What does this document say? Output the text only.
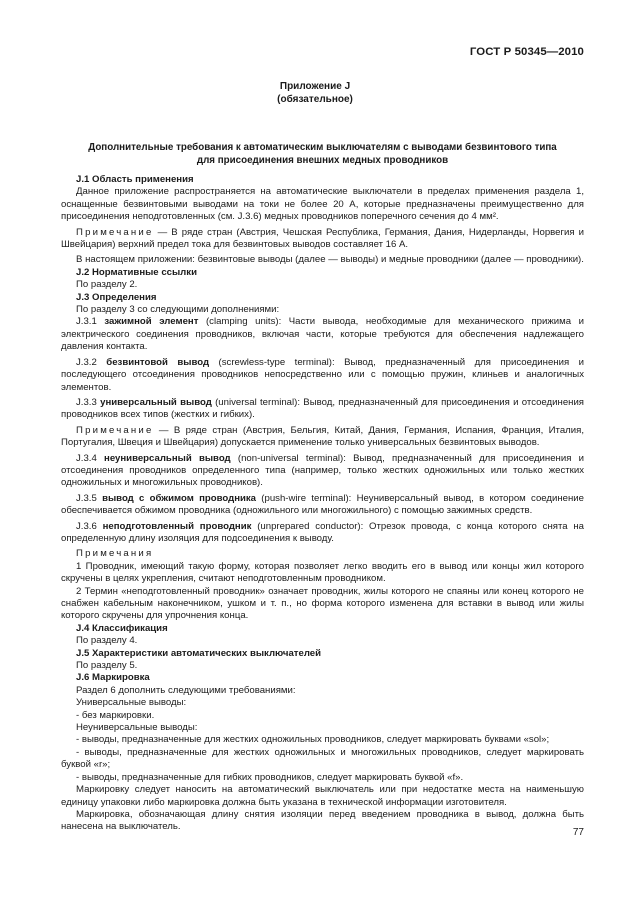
ГОСТ Р 50345—2010
Приложение J
(обязательное)
Дополнительные требования к автоматическим выключателям с выводами безвинтового типа
для присоединения внешних медных проводников

J.1 Область применения

Данное приложение распространяется на автоматические выключатели в пределах применения раздела 1, оснащенные безвинтовыми выводами на токи не более 20 А, которые предназначены преимущественно для присоединения неподготовленных (см. J.3.6) медных проводников поперечного сечения до 4 мм².

Примечание — В ряде стран (Австрия, Чешская Республика, Германия, Дания, Нидерланды, Норвегия и Швейцария) верхний предел тока для безвинтовых выводов составляет 16 А.

В настоящем приложении: безвинтовые выводы (далее — выводы) и медные проводники (далее — проводники).

J.2 Нормативные ссылки

По разделу 2.

J.3 Определения

По разделу 3 со следующими дополнениями:

J.3.1 зажимной элемент (clamping units): Части вывода, необходимые для механического прижима и электрического соединения проводников, включая части, которые требуются для обеспечения надлежащего давления контакта.

J.3.2 безвинтовой вывод (screwless-type terminal): Вывод, предназначенный для присоединения и последующего отсоединения проводников непосредственно или с помощью пружин, клиньев и аналогичных элементов.

J.3.3 универсальный вывод (universal terminal): Вывод, предназначенный для присоединения и отсоединения проводников всех типов (жестких и гибких).

Примечание — В ряде стран (Австрия, Бельгия, Китай, Дания, Германия, Испания, Франция, Италия, Португалия, Швеция и Швейцария) допускается применение только универсальных безвинтовых выводов.

J.3.4 неуниверсальный вывод (non-universal terminal): Вывод, предназначенный для присоединения и отсоединения проводников определенного типа (например, только жестких одножильных или только жестких одножильных и многожильных проводников).

J.3.5 вывод с обжимом проводника (push-wire terminal): Неуниверсальный вывод, в котором соединение обеспечивается обжимом проводника (одножильного или многожильного) с помощью зажимных средств.

J.3.6 неподготовленный проводник (unprepared conductor): Отрезок провода, с конца которого снята на определенную длину изоляция для подсоединения к выводу.

Примечания

1 Проводник, имеющий такую форму, которая позволяет легко вводить его в вывод или концы жил которого скручены в целях укрепления, считают неподготовленным проводником.

2 Термин «неподготовленный проводник» означает проводник, жилы которого не спаяны или конец которого не снабжен кабельным наконечником, ушком и т. п., но форма которого изменена для вставки в вывод или жилы которого скручены для упрочнения конца.

J.4 Классификация

По разделу 4.

J.5 Характеристики автоматических выключателей

По разделу 5.

J.6 Маркировка

Раздел 6 дополнить следующими требованиями:

Универсальные выводы:

- без маркировки.

Неуниверсальные выводы:

- выводы, предназначенные для жестких одножильных проводников, следует маркировать буквами «sol»;

- выводы, предназначенные для жестких одножильных и многожильных проводников, следует маркировать буквой «r»;

- выводы, предназначенные для гибких проводников, следует маркировать буквой «f».

Маркировку следует наносить на автоматический выключатель или при недостатке места на наименьшую единицу упаковки либо маркировка должна быть указана в технической информации изготовителя.

Маркировка, обозначающая длину снятия изоляции перед введением проводника в вывод, должна быть нанесена на выключатель.

77
